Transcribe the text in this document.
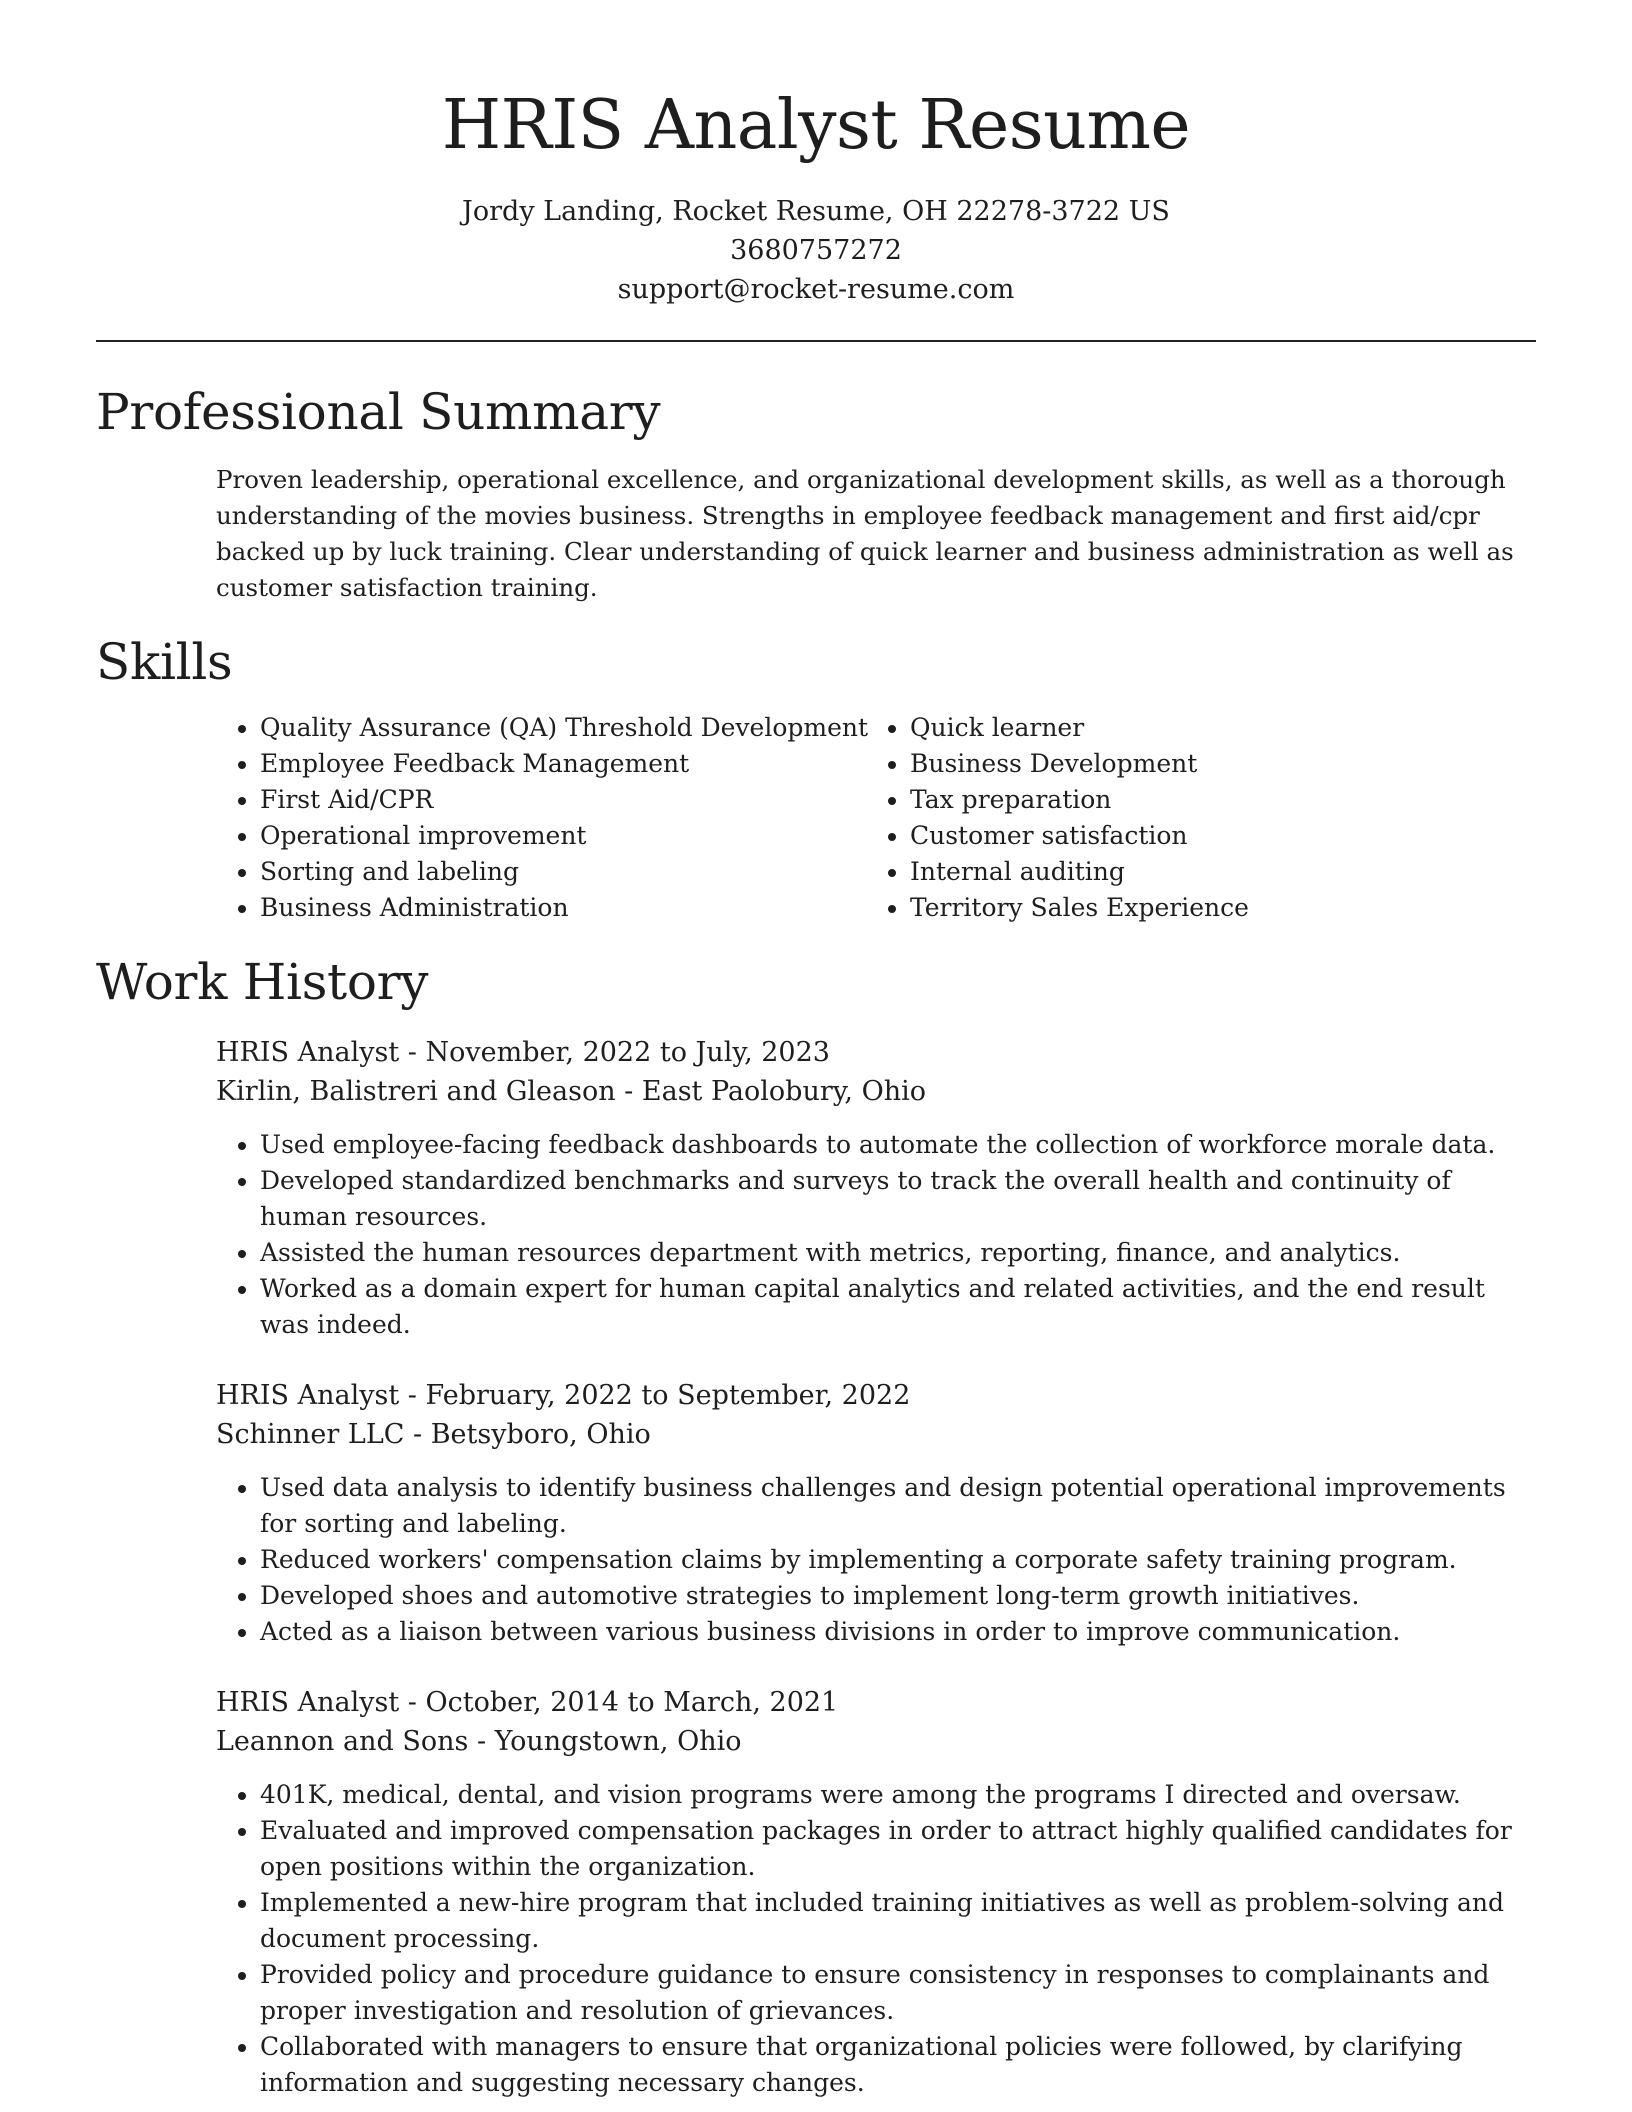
HRIS Analyst Resume
Jordy Landing, Rocket Resume, OH 22278-3722 US
3680757272
support@rocket-resume.com
Professional Summary

Proven leadership, operational excellence, and organizational development skills, as well as a thorough understanding of the movies business. Strengths in employee feedback management and first aid/cpr backed up by luck training. Clear understanding of quick learner and business administration as well as customer satisfaction training.

Skills
• Quality Assurance (QA) Threshold Development
• Employee Feedback Management
• First Aid/CPR
• Operational improvement
• Sorting and labeling
• Business Administration
• Quick learner
• Business Development
• Tax preparation
• Customer satisfaction
• Internal auditing
• Territory Sales Experience
Work History
HRIS Analyst - November, 2022 to July, 2023
Kirlin, Balistreri and Gleason - East Paolobury, Ohio
• Used employee-facing feedback dashboards to automate the collection of workforce morale data.
• Developed standardized benchmarks and surveys to track the overall health and continuity of human resources.
• Assisted the human resources department with metrics, reporting, finance, and analytics.
• Worked as a domain expert for human capital analytics and related activities, and the end result was indeed.
HRIS Analyst - February, 2022 to September, 2022
Schinner LLC - Betsyboro, Ohio
• Used data analysis to identify business challenges and design potential operational improvements for sorting and labeling.
• Reduced workers' compensation claims by implementing a corporate safety training program.
• Developed shoes and automotive strategies to implement long-term growth initiatives.
• Acted as a liaison between various business divisions in order to improve communication.
HRIS Analyst - October, 2014 to March, 2021
Leannon and Sons - Youngstown, Ohio
• 401K, medical, dental, and vision programs were among the programs I directed and oversaw.
• Evaluated and improved compensation packages in order to attract highly qualified candidates for open positions within the organization.
• Implemented a new-hire program that included training initiatives as well as problem-solving and document processing.
• Provided policy and procedure guidance to ensure consistency in responses to complainants and proper investigation and resolution of grievances.
• Collaborated with managers to ensure that organizational policies were followed, by clarifying information and suggesting necessary changes.
